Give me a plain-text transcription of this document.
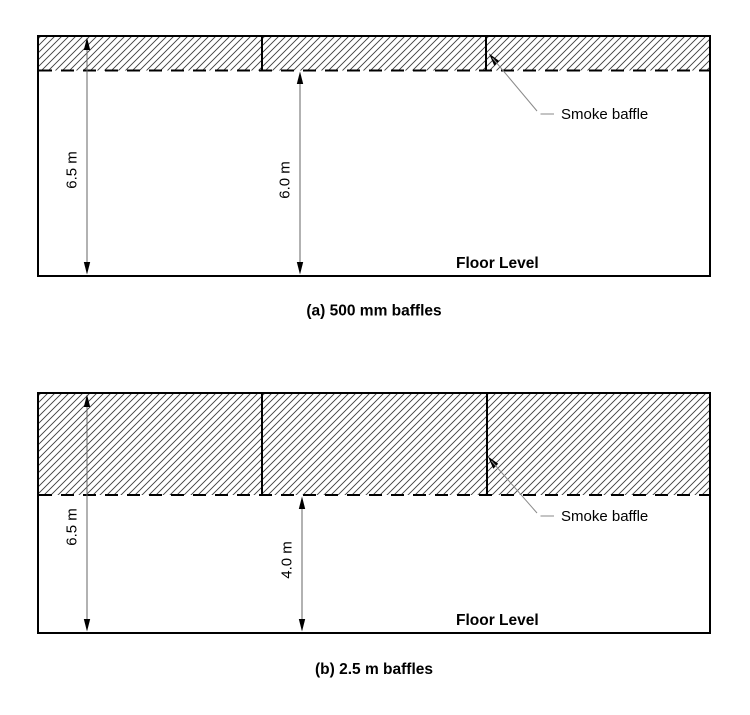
6.5 m	6.0 m
Smoke baffle
Floor Level
(a) 500 mm baffles
6.5 m
4.0 m
Smoke baffle
Floor Level
(b) 2.5 m baffles
